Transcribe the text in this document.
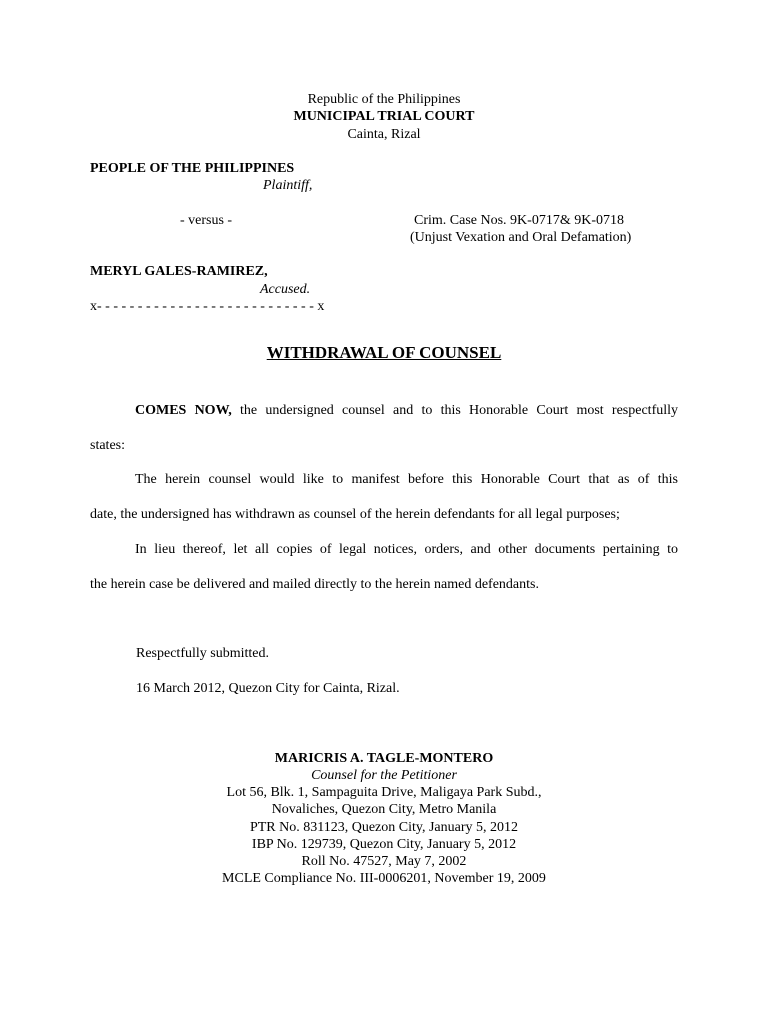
Republic of the Philippines
MUNICIPAL TRIAL COURT
Cainta, Rizal
PEOPLE OF THE PHILIPPINES
Plaintiff,
- versus -	Crim. Case Nos. 9K-0717& 9K-0718
(Unjust Vexation and Oral Defamation)
MERYL GALES-RAMIREZ,
Accused.
x- - - - - - - - - - - - - - - - - - - - - - - - - - - x
WITHDRAWAL OF COUNSEL
COMES NOW, the undersigned counsel and to this Honorable Court most respectfully
states:
The herein counsel would like to manifest before this Honorable Court that as of this
date, the undersigned has withdrawn as counsel of the herein defendants for all legal purposes;
In lieu thereof, let all copies of legal notices, orders, and other documents pertaining to
the herein case be delivered and mailed directly to the herein named defendants.
Respectfully submitted.
16 March 2012, Quezon City for Cainta, Rizal.
MARICRIS A. TAGLE-MONTERO
Counsel for the Petitioner
Lot 56, Blk. 1, Sampaguita Drive, Maligaya Park Subd.,
Novaliches, Quezon City, Metro Manila
PTR No. 831123, Quezon City, January 5, 2012
IBP No. 129739, Quezon City, January 5, 2012
Roll No. 47527, May 7, 2002
MCLE Compliance No. III-0006201, November 19, 2009
